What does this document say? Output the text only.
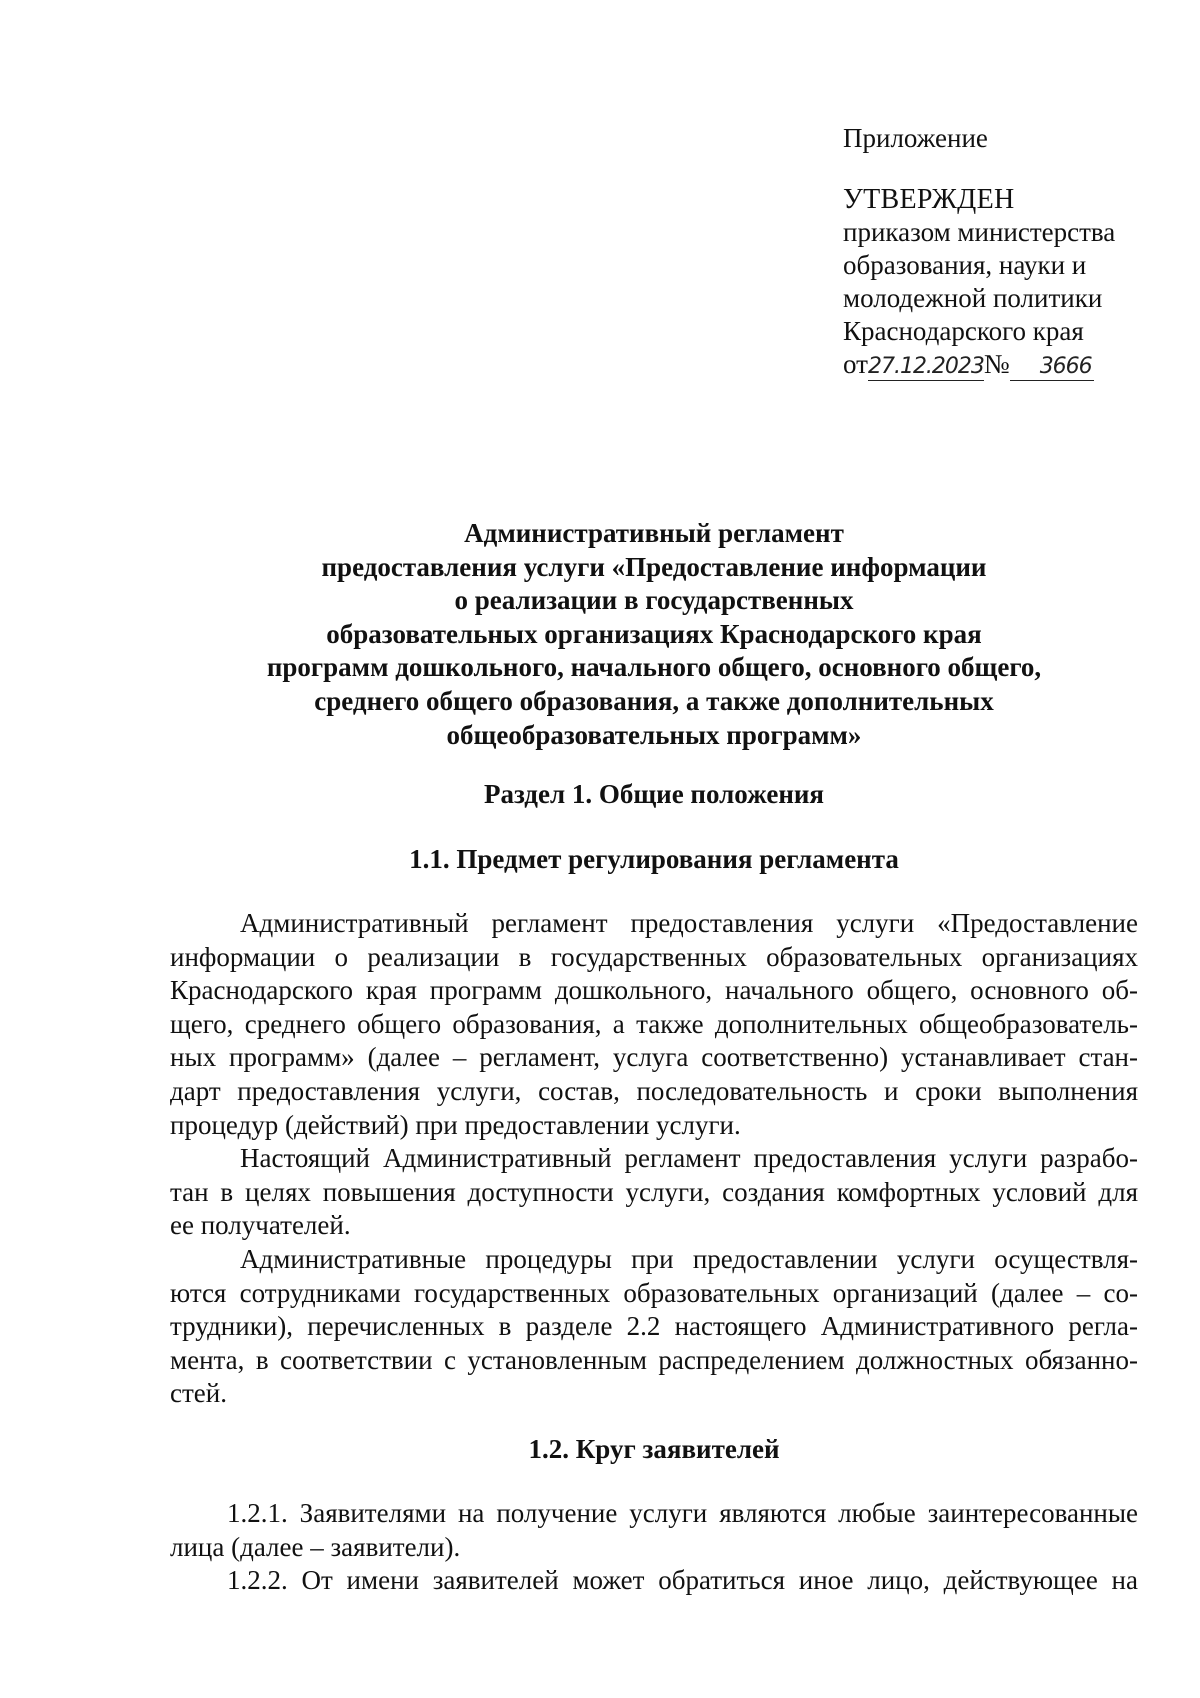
Приложение

УТВЕРЖДЕН

приказом министерства

образования, науки и

молодежной политики

Краснодарского края

от27.12.2023№ 3666

Административный регламент
предоставления услуги «Предоставление информации
о реализации в государственных
образовательных организациях Краснодарского края
программ дошкольного, начального общего, основного общего,
среднего общего образования, а также дополнительных
общеобразовательных программ»
Раздел 1. Общие положения
1.1. Предмет регулирования регламента
Административный регламент предоставления услуги «Предоставление
информации о реализации в государственных образовательных организациях
Краснодарского края программ дошкольного, начального общего, основного об-
щего, среднего общего образования, а также дополнительных общеобразователь-
ных программ» (далее – регламент, услуга соответственно) устанавливает стан-
дарт предоставления услуги, состав, последовательность и сроки выполнения
процедур (действий) при предоставлении услуги.
Настоящий Административный регламент предоставления услуги разрабо-
тан в целях повышения доступности услуги, создания комфортных условий для
ее получателей.
Административные процедуры при предоставлении услуги осуществля-
ются сотрудниками государственных образовательных организаций (далее – со-
трудники), перечисленных в разделе 2.2 настоящего Административного регла-
мента, в соответствии с установленным распределением должностных обязанно-
стей.
1.2. Круг заявителей
1.2.1. Заявителями на получение услуги являются любые заинтересованные
лица (далее – заявители).
1.2.2. От имени заявителей может обратиться иное лицо, действующее на
